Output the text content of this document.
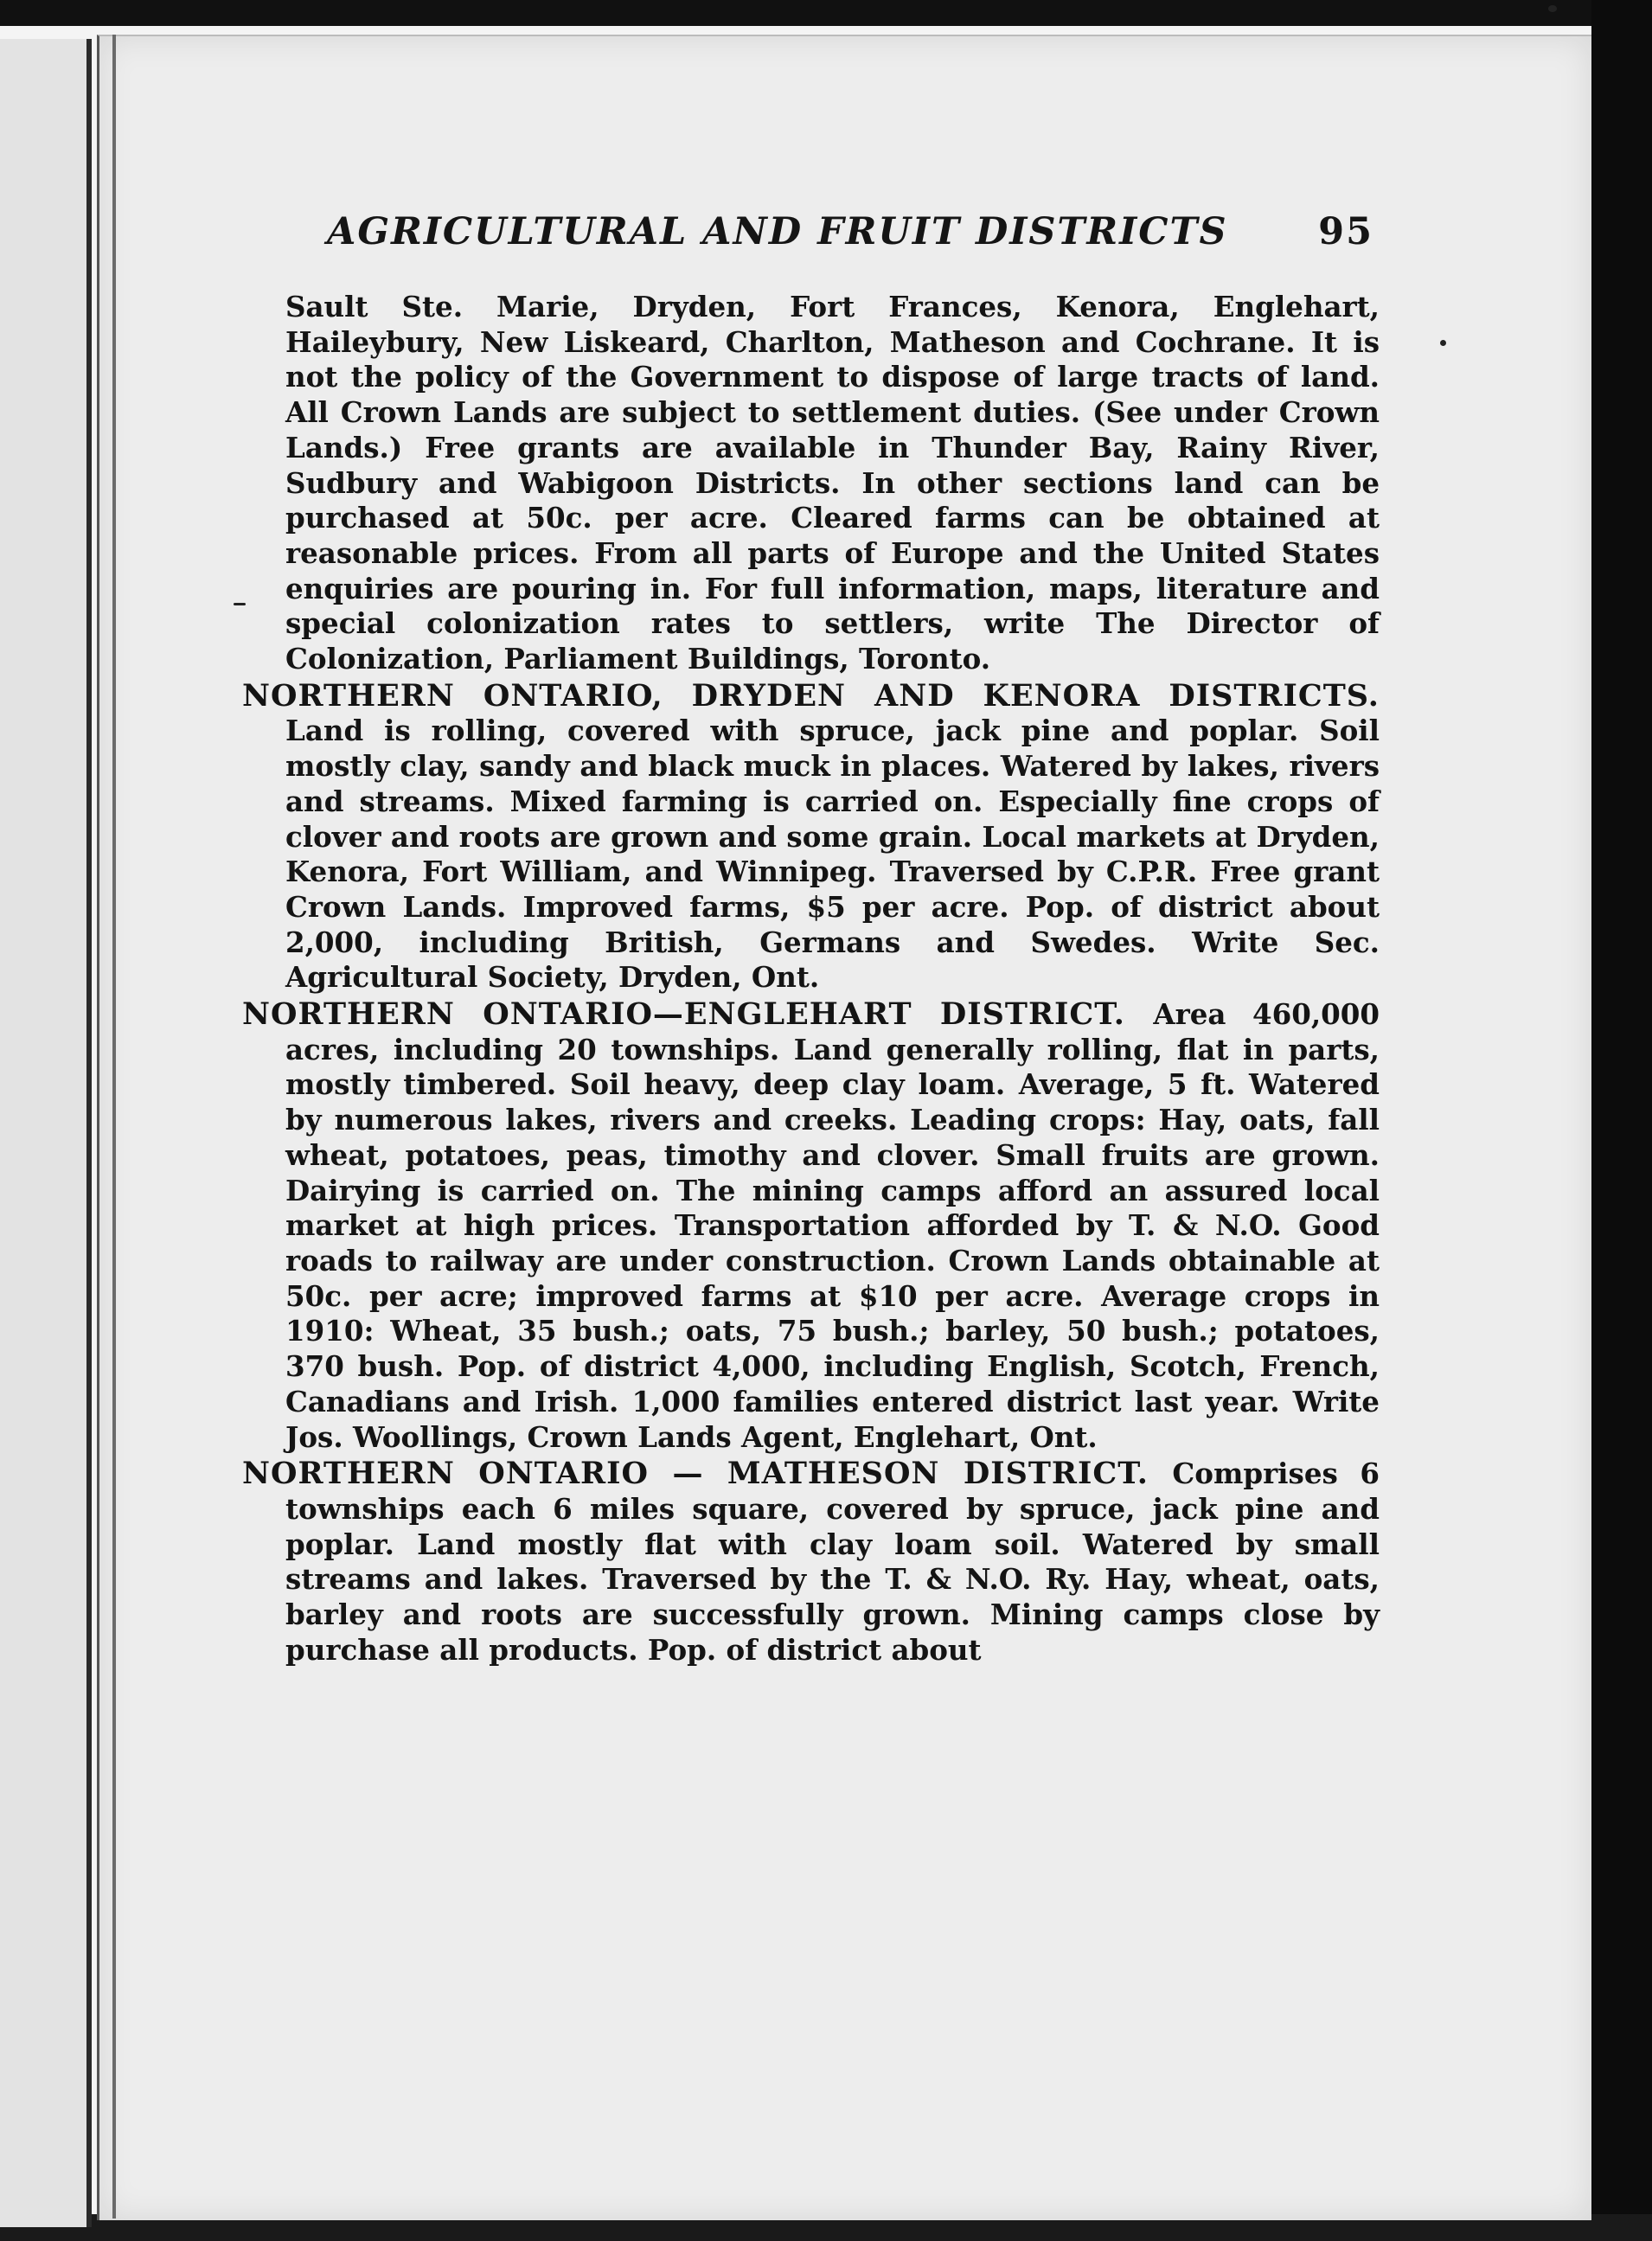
AGRICULTURAL AND FRUIT DISTRICTS 95

Sault Ste. Marie, Dryden, Fort Frances, Kenora, Englehart, Haileybury, New Liskeard, Charlton, Matheson and Cochrane. It is not the policy of the Government to dispose of large tracts of land. All Crown Lands are subject to settlement duties. (See under Crown Lands.) Free grants are available in Thunder Bay, Rainy River, Sudbury and Wabigoon Districts. In other sections land can be purchased at 50c. per acre. Cleared farms can be obtained at reasonable prices. From all parts of Europe and the United States enquiries are pouring in. For full information, maps, literature and special colonization rates to settlers, write The Director of Colonization, Parliament Buildings, Toronto.

NORTHERN ONTARIO, DRYDEN AND KENORA DISTRICTS. Land is rolling, covered with spruce, jack pine and poplar. Soil mostly clay, sandy and black muck in places. Watered by lakes, rivers and streams. Mixed farming is carried on. Especially fine crops of clover and roots are grown and some grain. Local markets at Dryden, Kenora, Fort William, and Winnipeg. Traversed by C.P.R. Free grant Crown Lands. Improved farms, $5 per acre. Pop. of district about 2,000, including British, Germans and Swedes. Write Sec. Agricultural Society, Dryden, Ont.

NORTHERN ONTARIO—ENGLEHART DISTRICT. Area 460,000 acres, including 20 townships. Land generally rolling, flat in parts, mostly timbered. Soil heavy, deep clay loam. Average, 5 ft. Watered by numerous lakes, rivers and creeks. Leading crops: Hay, oats, fall wheat, potatoes, peas, timothy and clover. Small fruits are grown. Dairying is carried on. The mining camps afford an assured local market at high prices. Transportation afforded by T. & N.O. Good roads to railway are under construction. Crown Lands obtainable at 50c. per acre; improved farms at $10 per acre. Average crops in 1910: Wheat, 35 bush.; oats, 75 bush.; barley, 50 bush.; potatoes, 370 bush. Pop. of district 4,000, including English, Scotch, French, Canadians and Irish. 1,000 families entered district last year. Write Jos. Woollings, Crown Lands Agent, Englehart, Ont.

NORTHERN ONTARIO — MATHESON DISTRICT. Comprises 6 townships each 6 miles square, covered by spruce, jack pine and poplar. Land mostly flat with clay loam soil. Watered by small streams and lakes. Traversed by the T. & N.O. Ry. Hay, wheat, oats, barley and roots are successfully grown. Mining camps close by purchase all products. Pop. of district about
